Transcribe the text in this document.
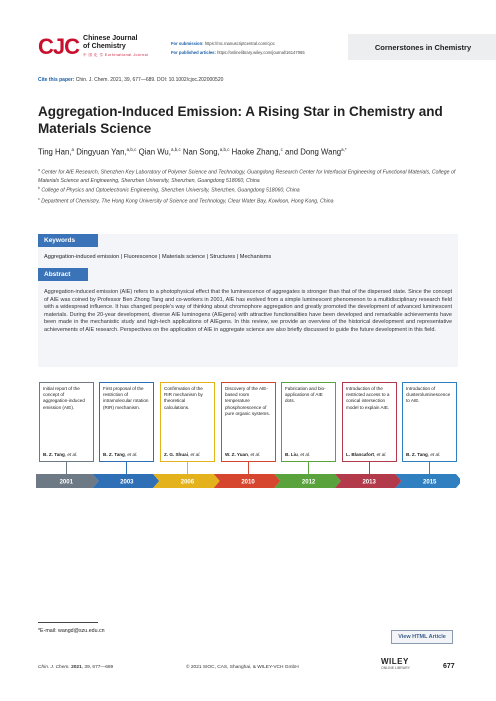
CJC Chinese Journal
of Chemistry
中 国 化 学 Eurhinational Journal
For submission: https://mc.manuscriptcentral.com/cjoc
For published articles: https://onlinelibrary.wiley.com/journal/16147065
Cornerstones in Chemistry
Cite this paper: Chin. J. Chem. 2021, 39, 677—689. DOI: 10.1002/cjoc.202000520
Aggregation-Induced Emission: A Rising Star in Chemistry and Materials Science
Ting Han,$^a$ Dingyuan Yan,$^{a,b,c}$ Qian Wu,$^{a,b,c}$ Nan Song,$^{a,b,c}$ Haoke Zhang,$^c$ and Dong Wang$^{a,*}$
$^a$ Center for AIE Research, Shenzhen Key Laboratory of Polymer Science and Technology, Guangdong Research Center for Interfacial Engineering of Functional Materials, College of Materials Science and Engineering, Shenzhen University, Shenzhen, Guangdong 518060, China
$^b$ College of Physics and Optoelectronic Engineering, Shenzhen University, Shenzhen, Guangdong 518060, China
$^c$ Department of Chemistry, The Hong Kong University of Science and Technology, Clear Water Bay, Kowloon, Hong Kong, China
Keywords
Aggregation-induced emission | Fluorescence | Materials science | Structures | Mechanisms
Abstract
Aggregation-induced emission (AIE) refers to a photophysical effect that the luminescence of aggregates is stronger than that of the dispersed state. Since the concept of AIE was coined by Professor Ben Zhong Tang and co-workers in 2001, AIE has evolved from a simple luminescent phenomenon to a multidisciplinary research field with a widespread influence. It has changed people’s way of thinking about chromophore aggregation and greatly promoted the development of advanced luminescent materials. During the 20-year development, diverse AIE luminogens (AIEgens) with attractive functionalities have been developed and remarkable achievements have been made in the mechanistic study and high-tech applications of AIEgens. In this review, we provide an overview of the historical development and representative achievements of AIE research. Perspectives on the application of AIE in aggregate science are also briefly discussed to guide the future development in this field.
2001	2003	2006	2010	2012	2013	2015
Initial report of the concept of aggregation-induced emission (AIE).
B. Z. Tang, et al.
First proposal of the restriction of intramolecular rotation (RIR) mechanism.
B. Z. Tang, et al.
Confirmation of the RIR mechanism by theoretical calculations.
Z. G. Shuai, et al.
Discovery of the AIE-based room temperature phosphorescence of pure organic systems.
W. Z. Yuan, et al.
Fabrication and bio-applications of AIE dots.
B. Liu, et al.
Introduction of the restricted access to a conical intersection model to explain AIE.
L. Blancafort, et al.
Introduction of clusteroluminescence to AIE.
B. Z. Tang, et al.
*E-mail: wangd@szu.edu.cn
View HTML Article
Chin. J. Chem. 2021, 39, 677—689	© 2021 SIOC, CAS, Shanghai, & WILEY-VCH GmbH
WILEY
ONLINE LIBRARY	677
